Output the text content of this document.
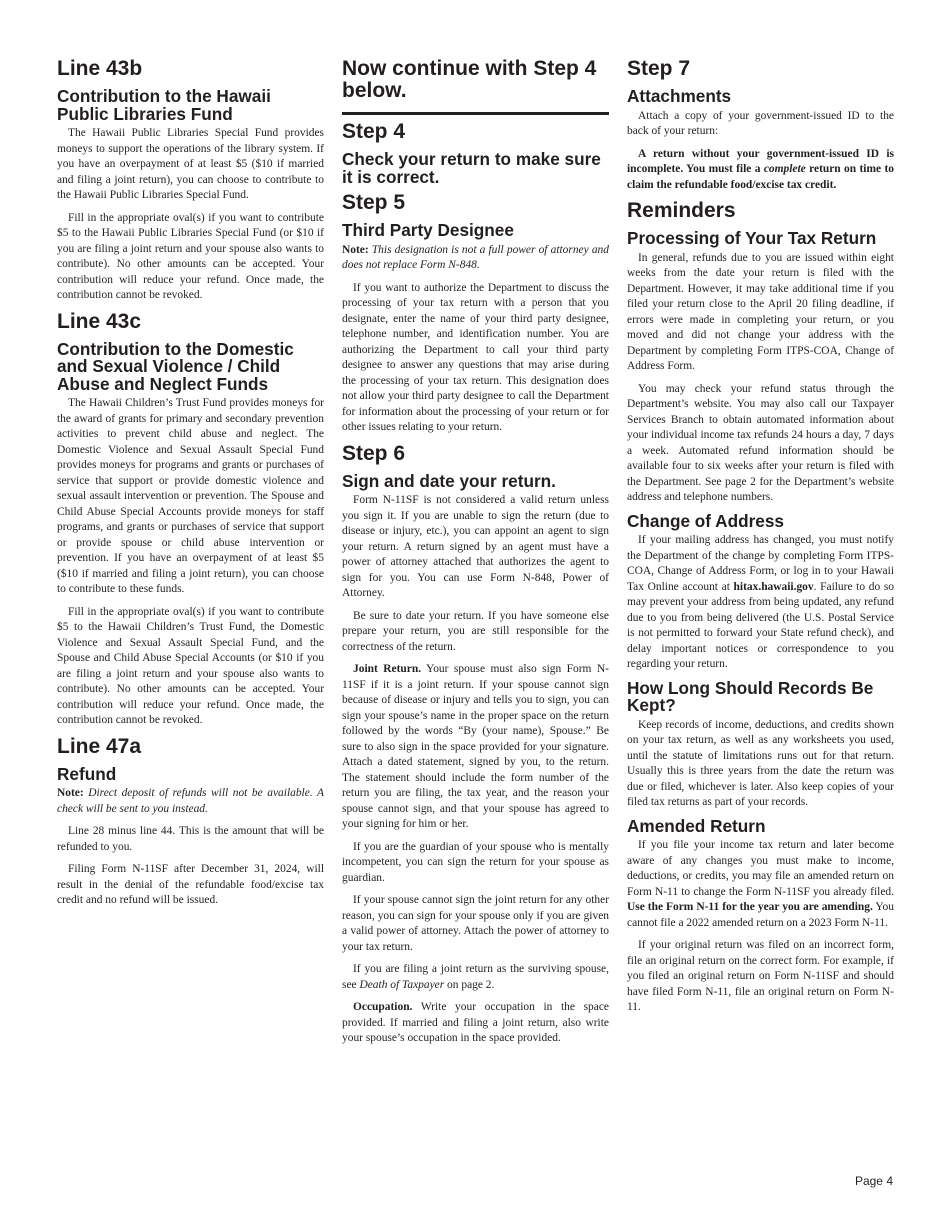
Line 43b
Contribution to the Hawaii Public Libraries Fund

The Hawaii Public Libraries Special Fund provides moneys to support the operations of the library system. If you have an overpayment of at least $5 ($10 if married and filing a joint return), you can choose to contribute to the Hawaii Public Libraries Special Fund.

Fill in the appropriate oval(s) if you want to contribute $5 to the Hawaii Public Libraries Special Fund (or $10 if you are filing a joint return and your spouse also wants to contribute). No other amounts can be accepted. Your contribution will reduce your refund. Once made, the contribution cannot be revoked.

Line 43c
Contribution to the Domestic and Sexual Violence / Child Abuse and Neglect Funds

The Hawaii Children’s Trust Fund provides moneys for the award of grants for primary and secondary prevention activities to prevent child abuse and neglect. The Domestic Violence and Sexual Assault Special Fund provides moneys for programs and grants or purchases of service that support or provide domestic violence and sexual assault intervention or prevention. The Spouse and Child Abuse Special Accounts provide moneys for staff programs, and grants or purchases of service that support or provide spouse or child abuse intervention or prevention. If you have an overpayment of at least $5 ($10 if married and filing a joint return), you can choose to contribute to these funds.

Fill in the appropriate oval(s) if you want to contribute $5 to the Hawaii Children’s Trust Fund, the Domestic Violence and Sexual Assault Special Fund, and the Spouse and Child Abuse Special Accounts (or $10 if you are filing a joint return and your spouse also wants to contribute). No other amounts can be accepted. Your contribution will reduce your refund. Once made, the contribution cannot be revoked.

Line 47a
Refund

Note: Direct deposit of refunds will not be available. A check will be sent to you instead.

Line 28 minus line 44. This is the amount that will be refunded to you.

Filing Form N-11SF after December 31, 2024, will result in the denial of the refundable food/excise tax credit and no refund will be issued.

Now continue with Step 4 below.
Step 4
Check your return to make sure it is correct.
Step 5
Third Party Designee

Note: This designation is not a full power of attorney and does not replace Form N-848.

If you want to authorize the Department to discuss the processing of your tax return with a person that you designate, enter the name of your third party designee, telephone number, and identification number. You are authorizing the Department to call your third party designee to answer any questions that may arise during the processing of your tax return. This designation does not allow your third party designee to call the Department for information about the processing of your return or for other issues relating to your return.

Step 6
Sign and date your return.

Form N-11SF is not considered a valid return unless you sign it. If you are unable to sign the return (due to disease or injury, etc.), you can appoint an agent to sign your return. A return signed by an agent must have a power of attorney attached that authorizes the agent to sign for you. You can use Form N-848, Power of Attorney.

Be sure to date your return. If you have someone else prepare your return, you are still responsible for the correctness of the return.

Joint Return. Your spouse must also sign Form N-11SF if it is a joint return. If your spouse cannot sign because of disease or injury and tells you to sign, you can sign your spouse’s name in the proper space on the return followed by the words “By (your name), Spouse.” Be sure to also sign in the space provided for your signature. Attach a dated statement, signed by you, to the return. The statement should include the form number of the return you are filing, the tax year, and the reason your spouse cannot sign, and that your spouse has agreed to your signing for him or her.

If you are the guardian of your spouse who is mentally incompetent, you can sign the return for your spouse as guardian.

If your spouse cannot sign the joint return for any other reason, you can sign for your spouse only if you are given a valid power of attorney. Attach the power of attorney to your tax return.

If you are filing a joint return as the surviving spouse, see Death of Taxpayer on page 2.

Occupation. Write your occupation in the space provided. If married and filing a joint return, also write your spouse’s occupation in the space provided.

Step 7
Attachments

Attach a copy of your government-issued ID to the back of your return:

A return without your government-issued ID is incomplete. You must file a complete return on time to claim the refundable food/excise tax credit.

Reminders
Processing of Your Tax Return

In general, refunds due to you are issued within eight weeks from the date your return is filed with the Department. However, it may take additional time if you filed your return close to the April 20 filing deadline, if errors were made in completing your return, or you moved and did not change your address with the Department by completing Form ITPS-COA, Change of Address Form.

You may check your refund status through the Department’s website. You may also call our Taxpayer Services Branch to obtain automated information about your individual income tax refunds 24 hours a day, 7 days a week. Automated refund information should be available four to six weeks after your return is filed with the Department. See page 2 for the Department’s website address and telephone numbers.

Change of Address

If your mailing address has changed, you must notify the Department of the change by completing Form ITPS-COA, Change of Address Form, or log in to your Hawaii Tax Online account at hitax.hawaii.gov. Failure to do so may prevent your address from being updated, any refund due to you from being delivered (the U.S. Postal Service is not permitted to forward your State refund check), and delay important notices or correspondence to you regarding your return.

How Long Should Records Be Kept?

Keep records of income, deductions, and credits shown on your tax return, as well as any worksheets you used, until the statute of limitations runs out for that return. Usually this is three years from the date the return was due or filed, whichever is later. Also keep copies of your filed tax returns as part of your records.

Amended Return

If you file your income tax return and later become aware of any changes you must make to income, deductions, or credits, you may file an amended return on Form N-11 to change the Form N-11SF you already filed. Use the Form N-11 for the year you are amending. You cannot file a 2022 amended return on a 2023 Form N-11.

If your original return was filed on an incorrect form, file an original return on the correct form. For example, if you filed an original return on Form N-11SF and should have filed Form N-11, file an original return on Form N-11.

Page 4
